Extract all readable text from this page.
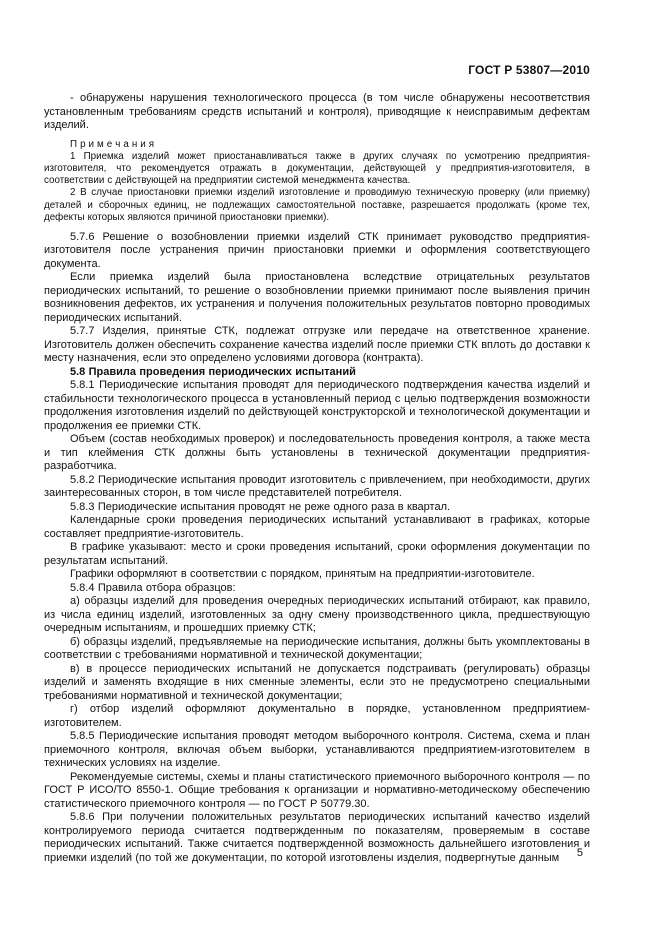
ГОСТ Р 53807—2010

- обнаружены нарушения технологического процесса (в том числе обнаружены несоответствия установленным требованиям средств испытаний и контроля), приводящие к неисправимым дефектам изделий.

П р и м е ч а н и я

1 Приемка изделий может приостанавливаться также в других случаях по усмотрению предприятия-изготовителя, что рекомендуется отражать в документации, действующей у предприятия-изготовителя, в соответствии с действующей на предприятии системой менеджмента качества.

2 В случае приостановки приемки изделий изготовление и проводимую техническую проверку (или приемку) деталей и сборочных единиц, не подлежащих самостоятельной поставке, разрешается продолжать (кроме тех, дефекты которых являются причиной приостановки приемки).

5.7.6 Решение о возобновлении приемки изделий СТК принимает руководство предприятия-изготовителя после устранения причин приостановки приемки и оформления соответствующего документа.

Если приемка изделий была приостановлена вследствие отрицательных результатов периодических испытаний, то решение о возобновлении приемки принимают после выявления причин возникновения дефектов, их устранения и получения положительных результатов повторно проводимых периодических испытаний.

5.7.7 Изделия, принятые СТК, подлежат отгрузке или передаче на ответственное хранение. Изготовитель должен обеспечить сохранение качества изделий после приемки СТК вплоть до доставки к месту назначения, если это определено условиями договора (контракта).

5.8 Правила проведения периодических испытаний

5.8.1 Периодические испытания проводят для периодического подтверждения качества изделий и стабильности технологического процесса в установленный период с целью подтверждения возможности продолжения изготовления изделий по действующей конструкторской и технологической документации и продолжения ее приемки СТК.

Объем (состав необходимых проверок) и последовательность проведения контроля, а также места и тип клеймения СТК должны быть установлены в технической документации предприятия-разработчика.

5.8.2 Периодические испытания проводит изготовитель с привлечением, при необходимости, других заинтересованных сторон, в том числе представителей потребителя.

5.8.3 Периодические испытания проводят не реже одного раза в квартал.

Календарные сроки проведения периодических испытаний устанавливают в графиках, которые составляет предприятие-изготовитель.

В графике указывают: место и сроки проведения испытаний, сроки оформления документации по результатам испытаний.

Графики оформляют в соответствии с порядком, принятым на предприятии-изготовителе.

5.8.4 Правила отбора образцов:

а) образцы изделий для проведения очередных периодических испытаний отбирают, как правило, из числа единиц изделий, изготовленных за одну смену производственного цикла, предшествующую очередным испытаниям, и прошедших приемку СТК;

б) образцы изделий, предъявляемые на периодические испытания, должны быть укомплектованы в соответствии с требованиями нормативной и технической документации;

в) в процессе периодических испытаний не допускается подстраивать (регулировать) образцы изделий и заменять входящие в них сменные элементы, если это не предусмотрено специальными требованиями нормативной и технической документации;

г) отбор изделий оформляют документально в порядке, установленном предприятием-изготовителем.

5.8.5 Периодические испытания проводят методом выборочного контроля. Система, схема и план приемочного контроля, включая объем выборки, устанавливаются предприятием-изготовителем в технических условиях на изделие.

Рекомендуемые системы, схемы и планы статистического приемочного выборочного контроля — по ГОСТ Р ИСО/ТО 8550-1. Общие требования к организации и нормативно-методическому обеспечению статистического приемочного контроля — по ГОСТ Р 50779.30.

5.8.6 При получении положительных результатов периодических испытаний качество изделий контролируемого периода считается подтвержденным по показателям, проверяемым в составе периодических испытаний. Также считается подтвержденной возможность дальнейшего изготовления и приемки изделий (по той же документации, по которой изготовлены изделия, подвергнутые данным	5
